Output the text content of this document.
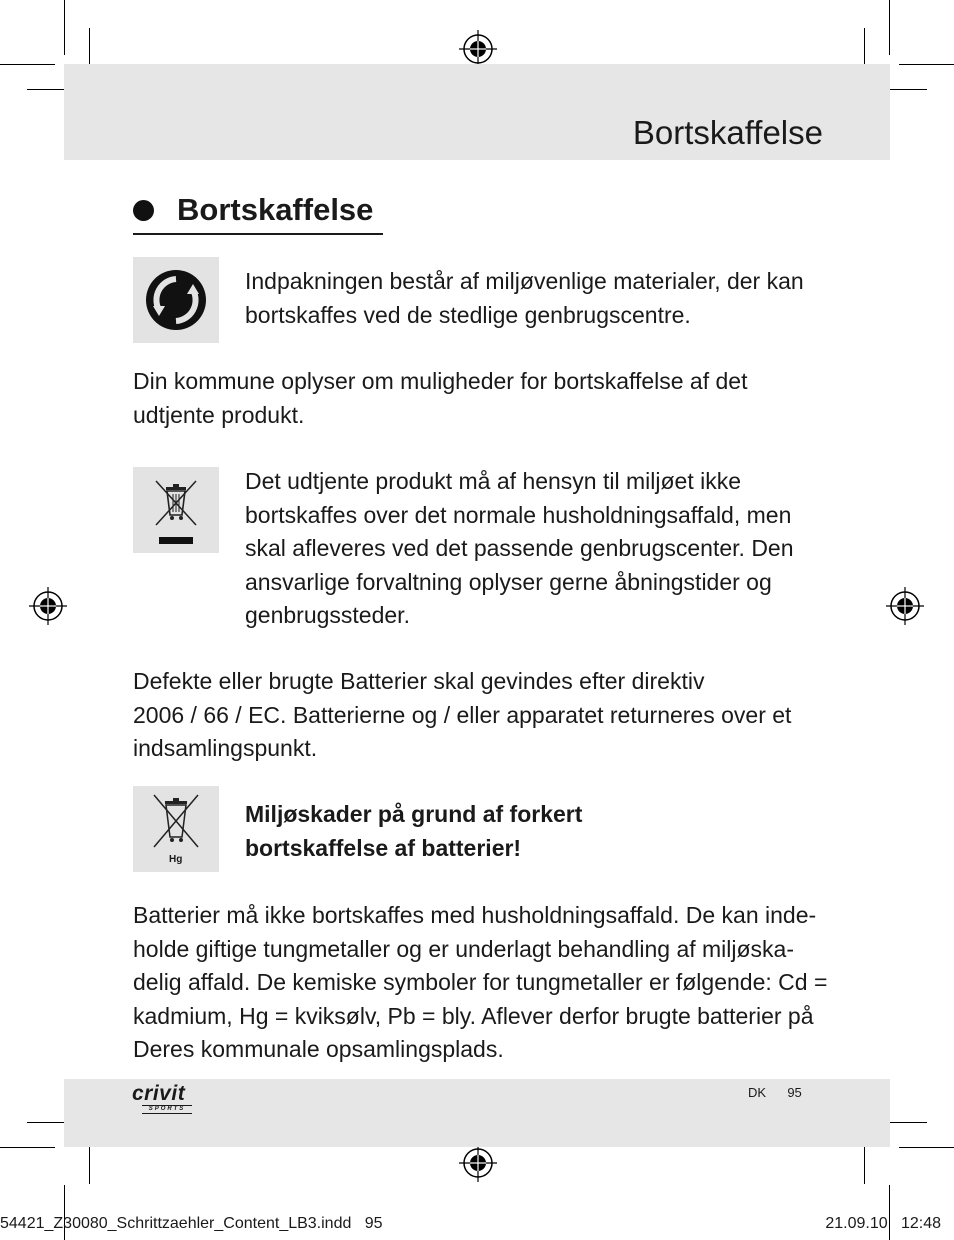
Bortskaffelse
Bortskaffelse

Indpakningen består af miljøvenlige materialer, der kan

bortskaffes ved de stedlige genbrugscentre.

Din kommune oplyser om muligheder for bortskaffelse af det

udtjente produkt.

Det udtjente produkt må af hensyn til miljøet ikke

bortskaffes over det normale husholdningsaffald, men

skal afleveres ved det passende genbrugscenter. Den

ansvarlige forvaltning oplyser gerne åbningstider og

genbrugssteder.

Defekte eller brugte Batterier skal gevindes efter direktiv

2006 / 66 / EC. Batterierne og / eller apparatet returneres over et

indsamlingspunkt.

Hg
Miljøskader på grund af forkert
bortskaffelse af batterier!

Batterier må ikke bortskaffes med husholdningsaffald. De kan inde-

holde giftige tungmetaller og er underlagt behandling af miljøska-

delig affald. De kemiske symboler for tungmetaller er følgende: Cd =

kadmium, Hg = kviksølv, Pb = bly. Aflever derfor brugte batterier på

Deres kommunale opsamlingsplads.

crivit
SPORTS
DK 95
54421_Z30080_Schrittzaehler_Content_LB3.indd   95	21.09.10   12:48
